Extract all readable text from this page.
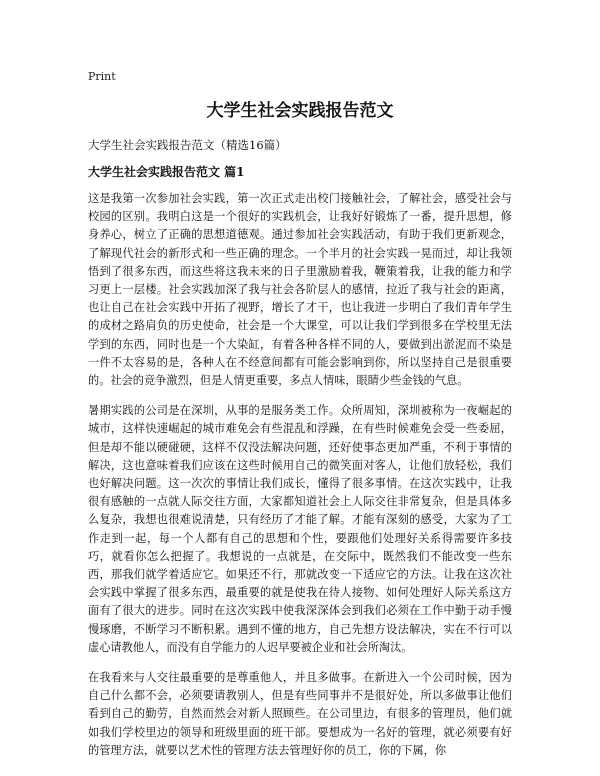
Print
大学生社会实践报告范文
大学生社会实践报告范文（精选16篇）
大学生社会实践报告范文 篇1

这是我第一次参加社会实践，第一次正式走出校门接触社会，了解社会，感受社会与校园的区别。我明白这是一个很好的实践机会，让我好好锻炼了一番，提升思想，修身养心，树立了正确的思想道德观。通过参加社会实践活动，有助于我们更新观念，了解现代社会的新形式和一些正确的理念。一个半月的社会实践一晃而过，却让我领悟到了很多东西，而这些将这我未来的日子里激励着我，鞭策着我，让我的能力和学习更上一层楼。社会实践加深了我与社会各阶层人的感情，拉近了我与社会的距离，也让自己在社会实践中开拓了视野，增长了才干，也让我进一步明白了我们青年学生的成材之路肩负的历史使命，社会是一个大课堂，可以让我们学到很多在学校里无法学到的东西，同时也是一个大染缸，有着各种各样不同的人，要做到出淤泥而不染是一件不太容易的是，各种人在不经意间都有可能会影响到你，所以坚持自己是很重要的。社会的竞争激烈，但是人情更重要，多点人情味，眼睛少些金钱的气息。

暑期实践的公司是在深圳，从事的是服务类工作。众所周知，深圳被称为一夜崛起的城市，这样快速崛起的城市难免会有些混乱和浮躁，在有些时候难免会受一些委屈，但是却不能以硬碰硬，这样不仅没法解决问题，还好使事态更加严重，不利于事情的解决，这也意味着我们应该在这些时候用自己的微笑面对客人，让他们放轻松，我们也好解决问题。这一次次的事情让我们成长，懂得了很多事情。在这次实践中，让我很有感触的一点就人际交往方面，大家都知道社会上人际交往非常复杂，但是具体多么复杂，我想也很难说清楚，只有经历了才能了解。才能有深刻的感受，大家为了工作走到一起，每一个人都有自己的思想和个性，要跟他们处理好关系得需要许多技巧，就看你怎么把握了。我想说的一点就是，在交际中，既然我们不能改变一些东西，那我们就学着适应它。如果还不行，那就改变一下适应它的方法。让我在这次社会实践中掌握了很多东西，最重要的就是使我在待人接物、如何处理好人际关系这方面有了很大的进步。同时在这次实践中使我深深体会到我们必须在工作中勤于动手慢慢琢磨，不断学习不断积累。遇到不懂的地方，自己先想方设法解决，实在不行可以虚心请教他人，而没有自学能力的人迟早要被企业和社会所淘汰。

在我看来与人交往最重要的是尊重他人，并且多做事。在新进入一个公司时候，因为自己什么都不会，必须要请教别人，但是有些同事并不是很好处，所以多做事让他们看到自己的勤劳，自然而然会对新人照顾些。在公司里边，有很多的管理员，他们就如我们学校里边的领导和班级里面的班干部。要想成为一名好的管理，就必须要有好的管理方法，就要以艺术性的管理方法去管理好你的员工，你的下属，你
